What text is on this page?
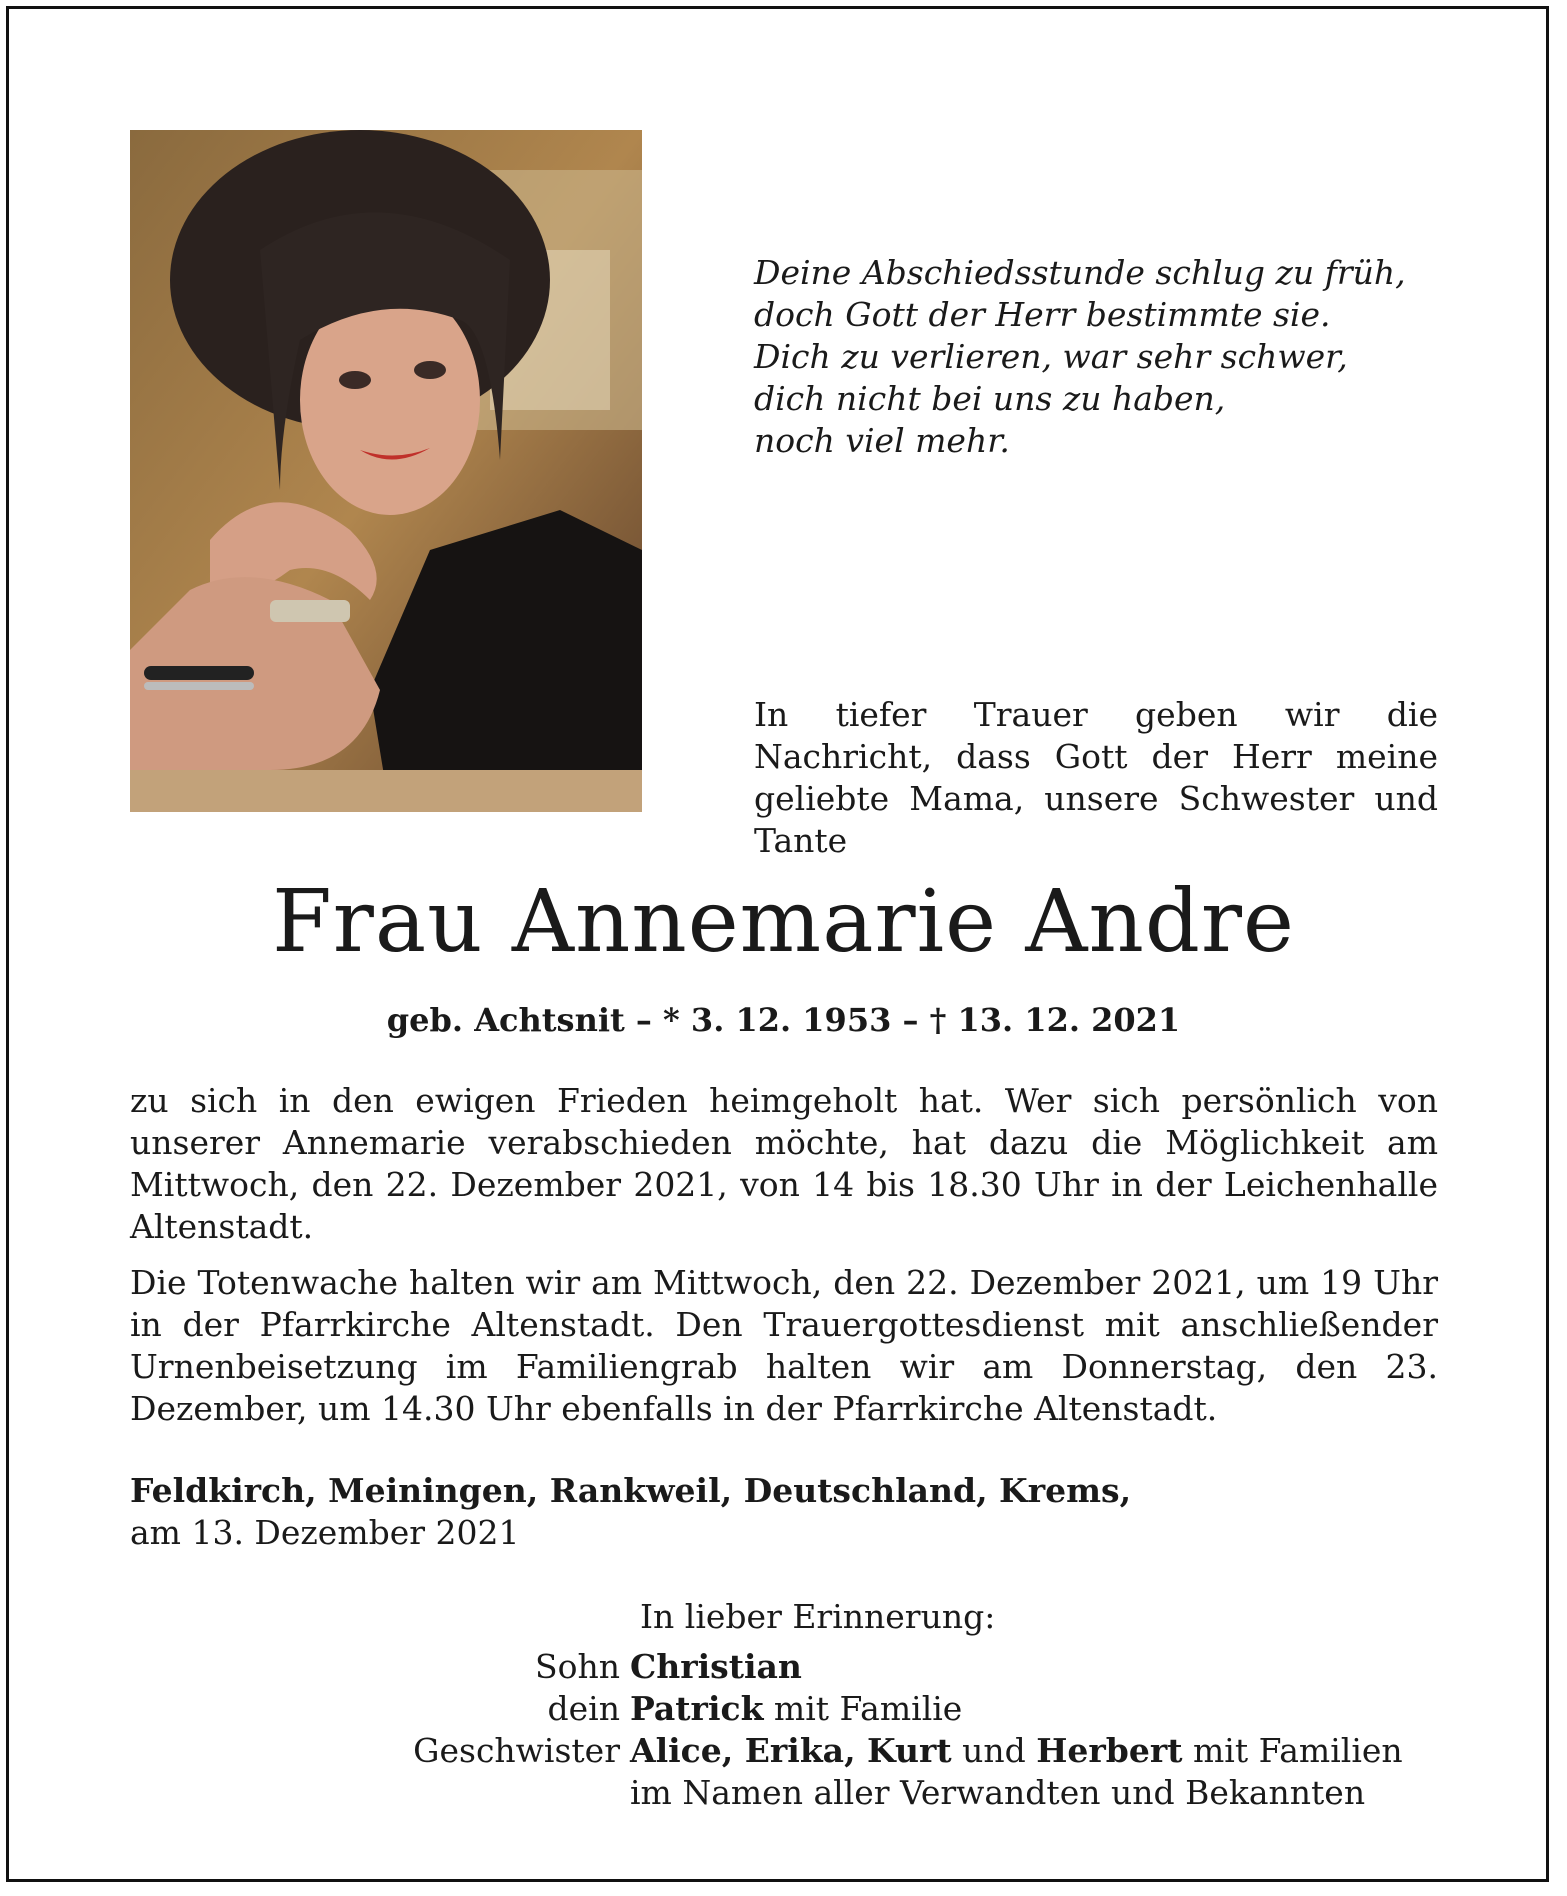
Deine Abschiedsstunde schlug zu früh,
doch Gott der Herr bestimmte sie.
Dich zu verlieren, war sehr schwer,
dich nicht bei uns zu haben,
noch viel mehr.
In tiefer Trauer geben wir die Nachricht, dass Gott der Herr meine geliebte Mama, unsere Schwester und Tante
Frau Annemarie Andre
geb. Achtsnit – * 3. 12. 1953 – † 13. 12. 2021
zu sich in den ewigen Frieden heimgeholt hat. Wer sich persönlich von unserer Annemarie verabschieden möchte, hat dazu die Möglichkeit am Mittwoch, den 22. Dezember 2021, von 14 bis 18.30 Uhr in der Leichenhalle Altenstadt.
Die Totenwache halten wir am Mittwoch, den 22. Dezember 2021, um 19 Uhr in der Pfarrkirche Altenstadt. Den Trauergottesdienst mit anschließender Urnenbeisetzung im Familiengrab halten wir am Donnerstag, den 23. Dezember, um 14.30 Uhr ebenfalls in der Pfarrkirche Altenstadt.
Feldkirch, Meiningen, Rankweil, Deutschland, Krems,
am 13. Dezember 2021
In lieber Erinnerung:
Sohn Christian
dein Patrick mit Familie
Geschwister Alice, Erika, Kurt und Herbert mit Familien
im Namen aller Verwandten und Bekannten
